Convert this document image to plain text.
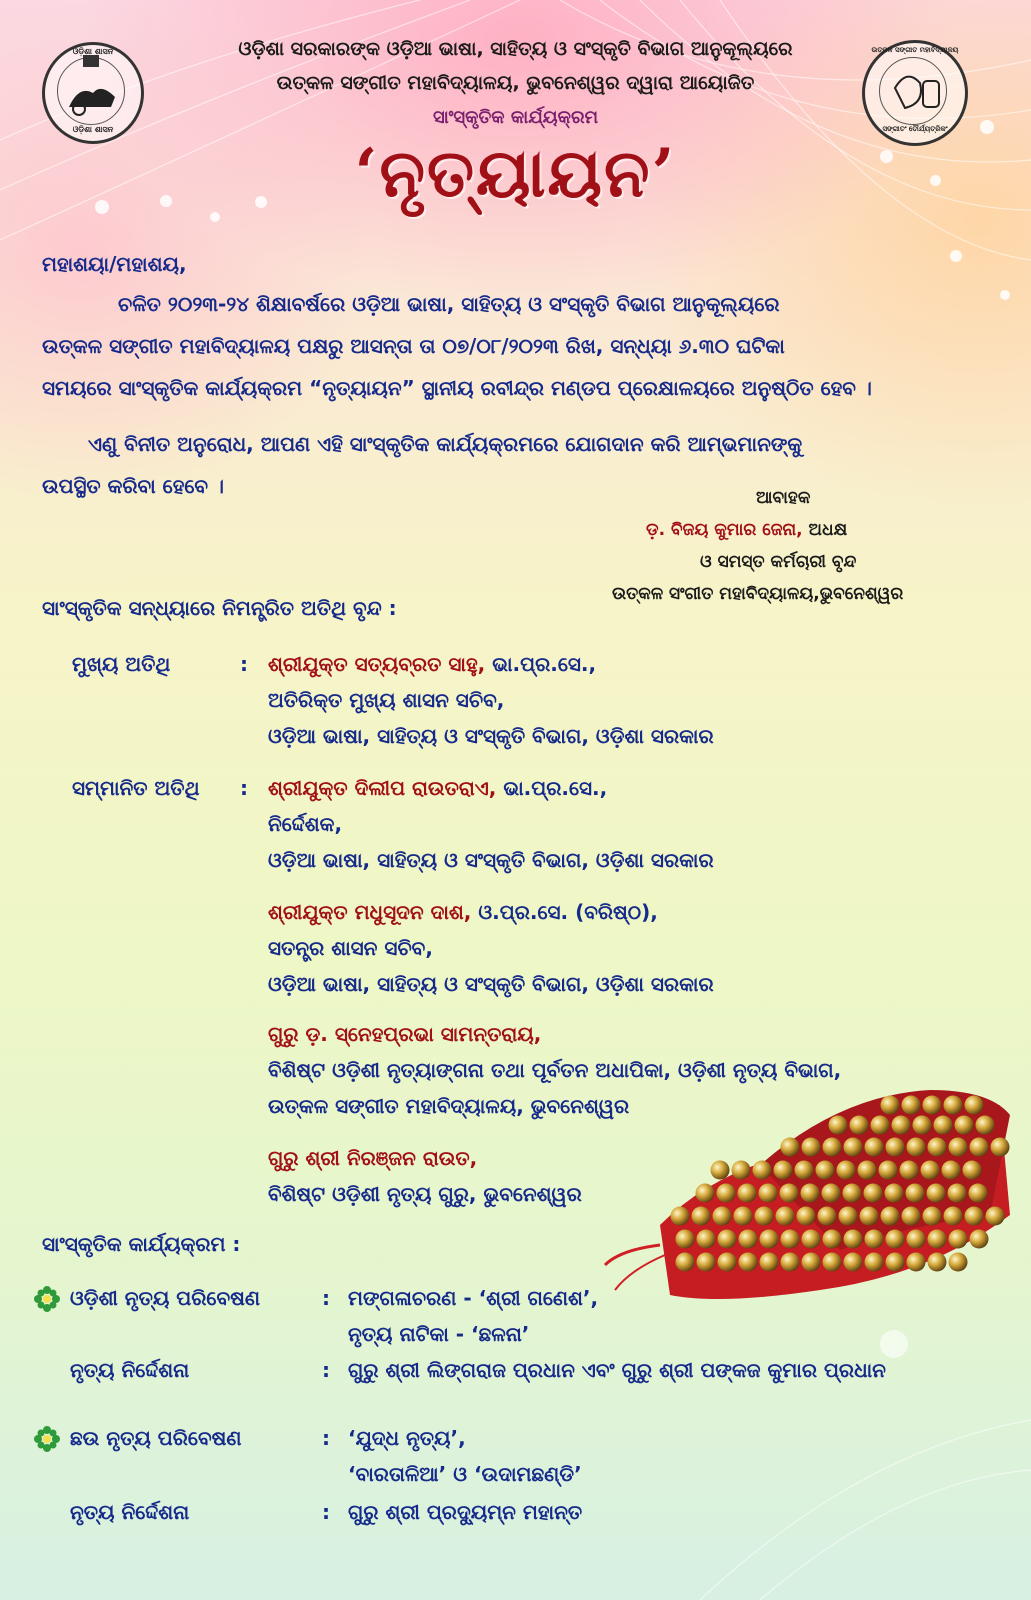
ଓଡ଼ିଶା ଶାସନ
ଓଡ଼ିଶା ଶାସନ
ଉତ୍କଳ ସଙ୍ଗୀତ ମହାବିଦ୍ୟାଳୟ
ସଙ୍ଗୀତଂ ତୌର୍ଯ୍ୟତ୍ରିକଂ
ଓଡ଼ିଶା ସରକାରଙ୍କ ଓଡ଼ିଆ ଭାଷା, ସାହିତ୍ୟ ଓ ସଂସ୍କୃତି ବିଭାଗ ଆନୁକୂଲ୍ୟରେ
ଉତ୍କଳ ସଙ୍ଗୀତ ମହାବିଦ୍ୟାଳୟ, ଭୁବନେଶ୍ୱର ଦ୍ୱାରା ଆୟୋଜିତ
ସାଂସ୍କୃତିକ କାର୍ଯ୍ୟକ୍ରମ
‘ନୃତ୍ୟାୟନ’
ମହାଶୟା/ମହାଶୟ,
ଚଳିତ ୨୦୨୩-୨୪ ଶିକ୍ଷାବର୍ଷରେ ଓଡ଼ିଆ ଭାଷା, ସାହିତ୍ୟ ଓ ସଂସ୍କୃତି ବିଭାଗ ଆନୁକୂଲ୍ୟରେ
ଉତ୍କଳ ସଙ୍ଗୀତ ମହାବିଦ୍ୟାଳୟ ପକ୍ଷରୁ ଆସନ୍ତା ତା ୦୭/୦୮/୨୦୨୩ ରିଖ, ସନ୍ଧ୍ୟା ୬.୩୦ ଘଟିକା
ସମୟରେ ସାଂସ୍କୃତିକ କାର୍ଯ୍ୟକ୍ରମ “ନୃତ୍ୟାୟନ” ସ୍ଥାନୀୟ ରବୀନ୍ଦ୍ର ମଣ୍ଡପ ପ୍ରେକ୍ଷାଳୟରେ ଅନୁଷ୍ଠିତ ହେବ ।
ଏଣୁ ବିନୀତ ଅନୁରୋଧ, ଆପଣ ଏହି ସାଂସ୍କୃତିକ କାର୍ଯ୍ୟକ୍ରମରେ ଯୋଗଦାନ କରି ଆମ୍ଭମାନଙ୍କୁ
ଉପସ୍ଥିତ କରିବା ହେବେ ।	ଆବାହକ
ଡ଼. ବିଜୟ କୁମାର ଜେନା, ଅଧକ୍ଷ
ଓ ସମସ୍ତ କର୍ମଚାରୀ ବୃନ୍ଦ
ଉତ୍କଳ ସଂଗୀତ ମହାବିଦ୍ୟାଳୟ,ଭୁବନେଶ୍ୱର
ସାଂସ୍କୃତିକ ସନ୍ଧ୍ୟାରେ ନିମନ୍ତ୍ରିତ ଅତିଥି ବୃନ୍ଦ :
ମୁଖ୍ୟ ଅତିଥି	: ଶ୍ରୀଯୁକ୍ତ ସତ୍ୟବ୍ରତ ସାହୁ, ଭା.ପ୍ର.ସେ.,
ଅତିରିକ୍ତ ମୁଖ୍ୟ ଶାସନ ସଚିବ,
ଓଡ଼ିଆ ଭାଷା, ସାହିତ୍ୟ ଓ ସଂସ୍କୃତି ବିଭାଗ, ଓଡ଼ିଶା ସରକାର
ସମ୍ମାନିତ ଅତିଥି : ଶ୍ରୀଯୁକ୍ତ ଦିଲୀପ ରାଉତରାଏ, ଭା.ପ୍ର.ସେ.,
ନିର୍ଦ୍ଦେଶକ,
ଓଡ଼ିଆ ଭାଷା, ସାହିତ୍ୟ ଓ ସଂସ୍କୃତି ବିଭାଗ, ଓଡ଼ିଶା ସରକାର
ଶ୍ରୀଯୁକ୍ତ ମଧୁସୂଦନ ଦାଶ, ଓ.ପ୍ର.ସେ. (ବରିଷ୍ଠ),
ସତନ୍ତ୍ର ଶାସନ ସଚିବ,
ଓଡ଼ିଆ ଭାଷା, ସାହିତ୍ୟ ଓ ସଂସ୍କୃତି ବିଭାଗ, ଓଡ଼ିଶା ସରକାର
ଗୁରୁ ଡ଼. ସ୍ନେହପ୍ରଭା ସାମନ୍ତରାୟ,
ବିଶିଷ୍ଟ ଓଡ଼ିଶୀ ନୃତ୍ୟାଙ୍ଗନା ତଥା ପୂର୍ବତନ ଅଧାପିକା, ଓଡ଼ିଶୀ ନୃତ୍ୟ ବିଭାଗ,
ଉତ୍କଳ ସଙ୍ଗୀତ ମହାବିଦ୍ୟାଳୟ, ଭୁବନେଶ୍ୱର
ଗୁରୁ ଶ୍ରୀ ନିରଞ୍ଜନ ରାଉତ,
ବିଶିଷ୍ଟ ଓଡ଼ିଶୀ ନୃତ୍ୟ ଗୁରୁ, ଭୁବନେଶ୍ୱର
ସାଂସ୍କୃତିକ କାର୍ଯ୍ୟକ୍ରମ :
ଓଡ଼ିଶୀ ନୃତ୍ୟ ପରିବେଷଣ	: ମଙ୍ଗଳାଚରଣ - ‘ଶ୍ରୀ ଗଣେଶ’,
ନୃତ୍ୟ ନାଟିକା - ‘ଛଳନା’
ନୃତ୍ୟ ନିର୍ଦ୍ଦେଶନା	: ଗୁରୁ ଶ୍ରୀ ଲିଙ୍ଗରାଜ ପ୍ରଧାନ ଏବଂ ଗୁରୁ ଶ୍ରୀ ପଙ୍କଜ କୁମାର ପ୍ରଧାନ
ଛଉ ନୃତ୍ୟ ପରିବେଷଣ	: ‘ଯୁଦ୍ଧ ନୃତ୍ୟ’,
‘ବାରତାଳିଆ’ ଓ ‘ଉଦାମଛଣ୍ଡି’
ନୃତ୍ୟ ନିର୍ଦ୍ଦେଶନା	: ଗୁରୁ ଶ୍ରୀ ପ୍ରଦ୍ୟୁମ୍ନ ମହାନ୍ତ
